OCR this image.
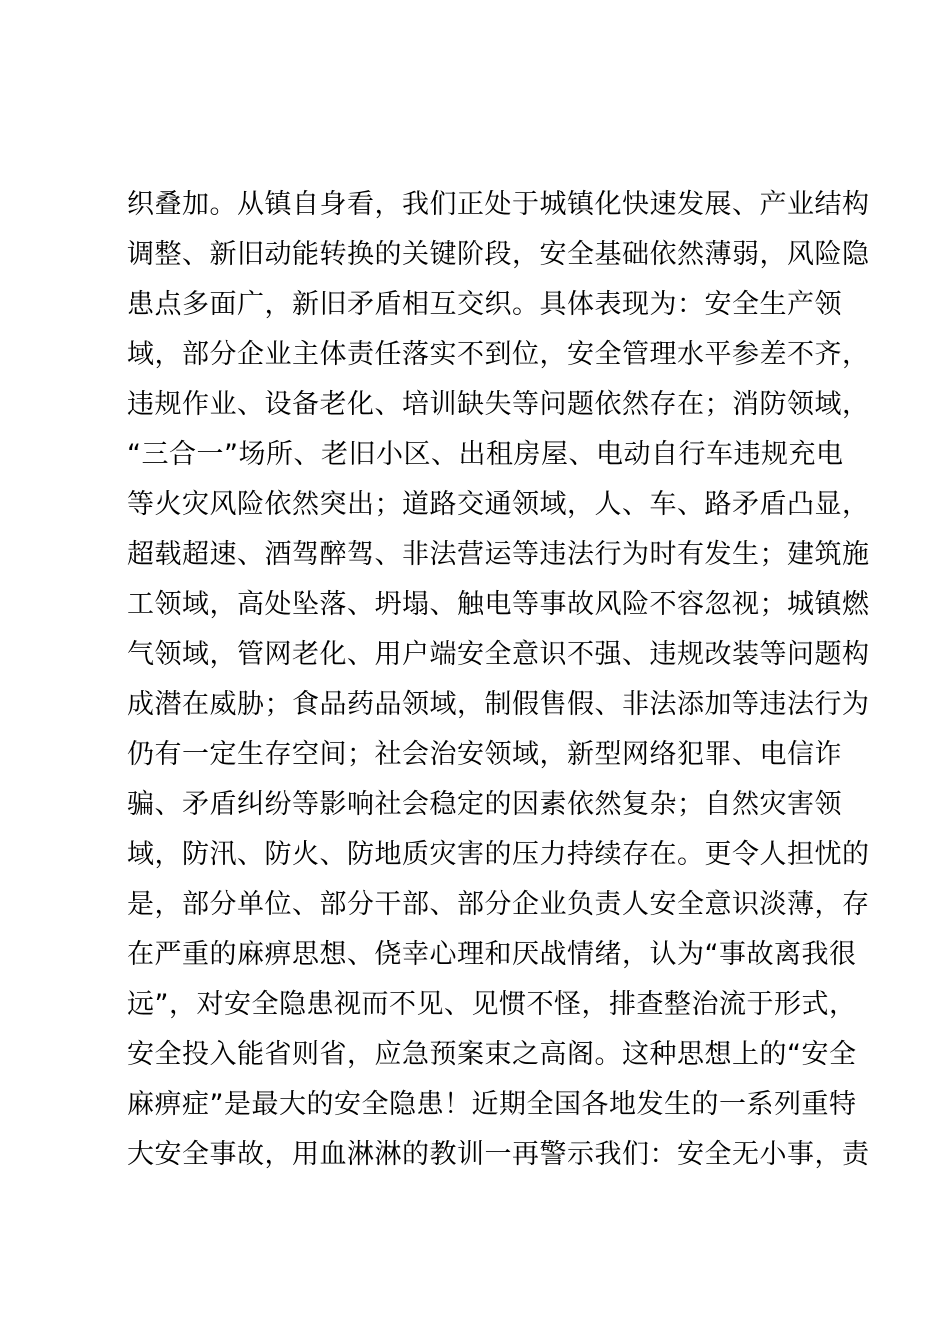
织叠加。从镇自身看，我们正处于城镇化快速发展、产业结构
调整、新旧动能转换的关键阶段，安全基础依然薄弱，风险隐
患点多面广，新旧矛盾相互交织。具体表现为：安全生产领
域，部分企业主体责任落实不到位，安全管理水平参差不齐，
违规作业、设备老化、培训缺失等问题依然存在；消防领域，
“三合一”场所、老旧小区、出租房屋、电动自行车违规充电
等火灾风险依然突出；道路交通领域，人、车、路矛盾凸显，
超载超速、酒驾醉驾、非法营运等违法行为时有发生；建筑施
工领域，高处坠落、坍塌、触电等事故风险不容忽视；城镇燃
气领域，管网老化、用户端安全意识不强、违规改装等问题构
成潜在威胁；食品药品领域，制假售假、非法添加等违法行为
仍有一定生存空间；社会治安领域，新型网络犯罪、电信诈
骗、矛盾纠纷等影响社会稳定的因素依然复杂；自然灾害领
域，防汛、防火、防地质灾害的压力持续存在。更令人担忧的
是，部分单位、部分干部、部分企业负责人安全意识淡薄，存
在严重的麻痹思想、侥幸心理和厌战情绪，认为“事故离我很
远”，对安全隐患视而不见、见惯不怪，排查整治流于形式，
安全投入能省则省，应急预案束之高阁。这种思想上的“安全
麻痹症”是最大的安全隐患！近期全国各地发生的一系列重特
大安全事故，用血淋淋的教训一再警示我们：安全无小事，责
